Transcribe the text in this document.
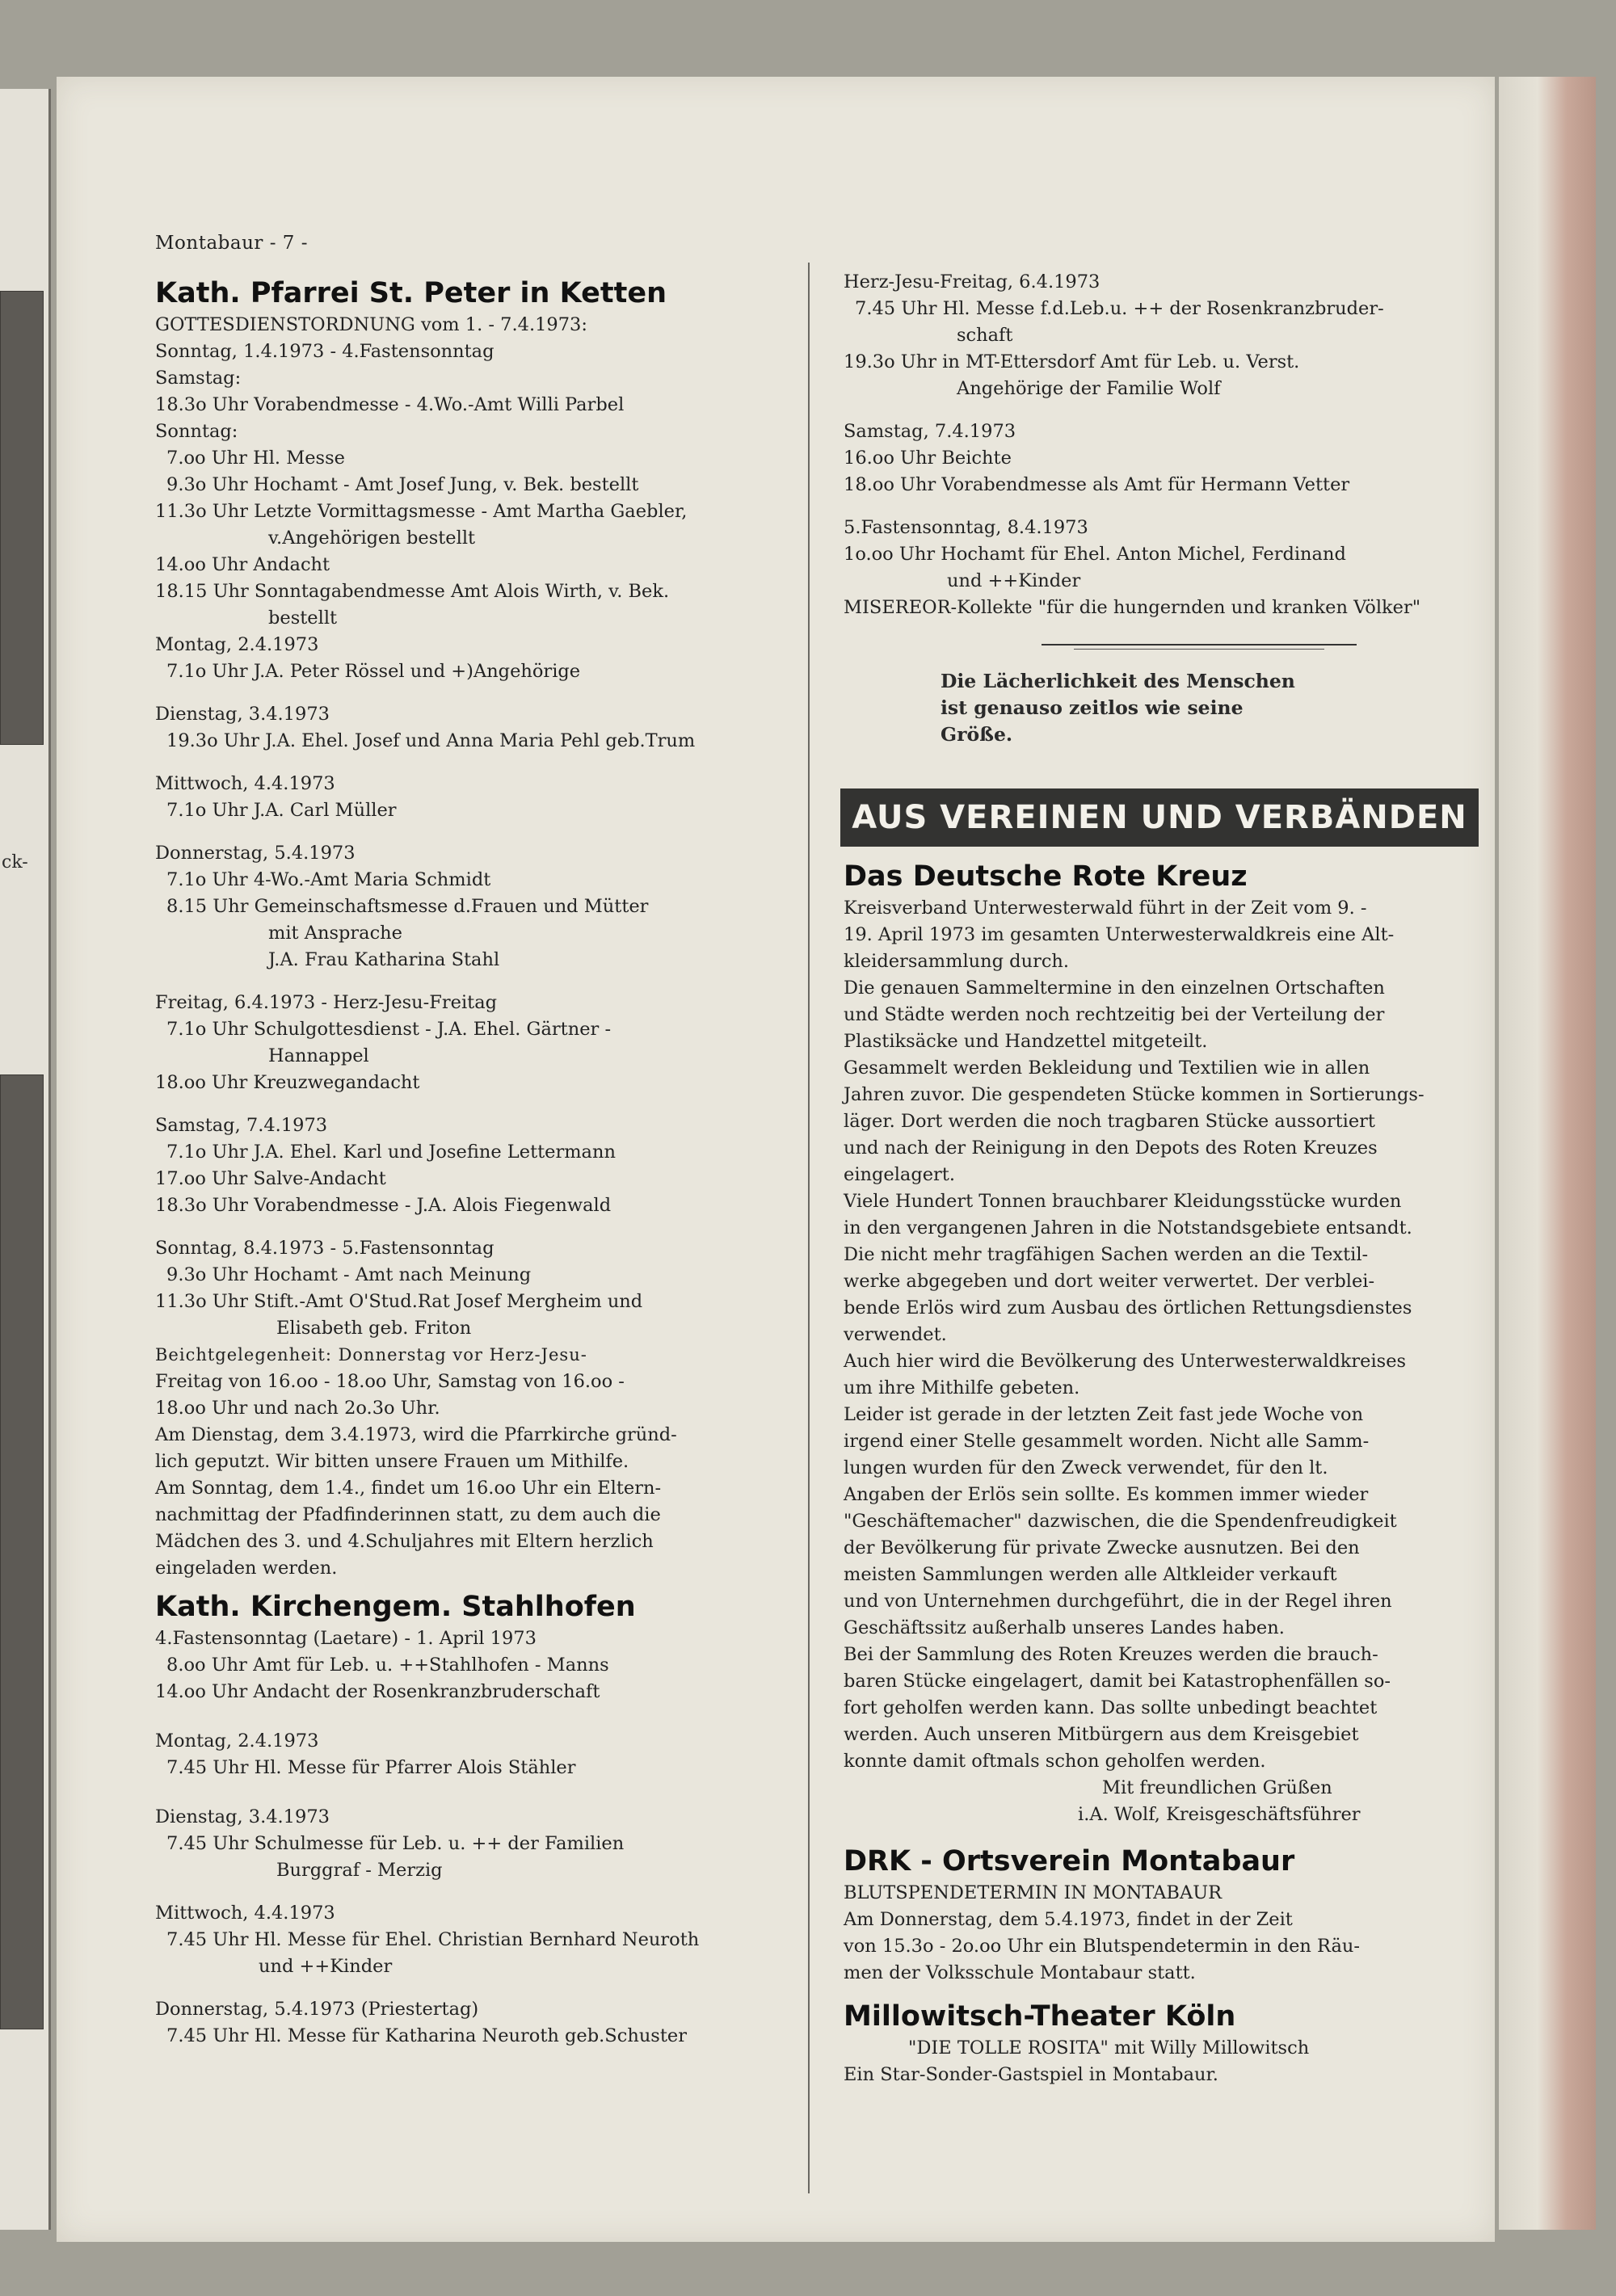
ck-
Montabaur - 7 -
Kath. Pfarrei St. Peter in Ketten
GOTTESDIENSTORDNUNG vom 1. - 7.4.1973:
Sonntag, 1.4.1973 - 4.Fastensonntag
Samstag:
18.3o Uhr Vorabendmesse - 4.Wo.-Amt Willi Parbel
Sonntag:
7.oo Uhr Hl. Messe
9.3o Uhr Hochamt - Amt Josef Jung, v. Bek. bestellt
11.3o Uhr Letzte Vormittagsmesse - Amt Martha Gaebler,
v.Angehörigen bestellt
14.oo Uhr Andacht
18.15 Uhr Sonntagabendmesse Amt Alois Wirth, v. Bek.
bestellt
Montag, 2.4.1973
7.1o Uhr J.A. Peter Rössel und +)Angehörige
Dienstag, 3.4.1973
19.3o Uhr J.A. Ehel. Josef und Anna Maria Pehl geb.Trum
Mittwoch, 4.4.1973
7.1o Uhr J.A. Carl Müller
Donnerstag, 5.4.1973
7.1o Uhr 4-Wo.-Amt Maria Schmidt
8.15 Uhr Gemeinschaftsmesse d.Frauen und Mütter
mit Ansprache
J.A. Frau Katharina Stahl
Freitag, 6.4.1973 - Herz-Jesu-Freitag
7.1o Uhr Schulgottesdienst - J.A. Ehel. Gärtner -
Hannappel
18.oo Uhr Kreuzwegandacht
Samstag, 7.4.1973
7.1o Uhr J.A. Ehel. Karl und Josefine Lettermann
17.oo Uhr Salve-Andacht
18.3o Uhr Vorabendmesse - J.A. Alois Fiegenwald
Sonntag, 8.4.1973 - 5.Fastensonntag
9.3o Uhr Hochamt - Amt nach Meinung
11.3o Uhr Stift.-Amt O'Stud.Rat Josef Mergheim und
Elisabeth geb. Friton
Beichtgelegenheit: Donnerstag vor Herz-Jesu-
Freitag von 16.oo - 18.oo Uhr, Samstag von 16.oo -
18.oo Uhr und nach 2o.3o Uhr.
Am Dienstag, dem 3.4.1973, wird die Pfarrkirche gründ-
lich geputzt. Wir bitten unsere Frauen um Mithilfe.
Am Sonntag, dem 1.4., findet um 16.oo Uhr ein Eltern-
nachmittag der Pfadfinderinnen statt, zu dem auch die
Mädchen des 3. und 4.Schuljahres mit Eltern herzlich
eingeladen werden.
Kath. Kirchengem. Stahlhofen
4.Fastensonntag (Laetare) - 1. April 1973
8.oo Uhr Amt für Leb. u. ++Stahlhofen - Manns
14.oo Uhr Andacht der Rosenkranzbruderschaft
Montag, 2.4.1973
7.45 Uhr Hl. Messe für Pfarrer Alois Stähler
Dienstag, 3.4.1973
7.45 Uhr Schulmesse für Leb. u. ++ der Familien
Burggraf - Merzig
Mittwoch, 4.4.1973
7.45 Uhr Hl. Messe für Ehel. Christian Bernhard Neuroth
und ++Kinder
Donnerstag, 5.4.1973 (Priestertag)
7.45 Uhr Hl. Messe für Katharina Neuroth geb.Schuster
Herz-Jesu-Freitag, 6.4.1973
7.45 Uhr Hl. Messe f.d.Leb.u. ++ der Rosenkranzbruder-
schaft
19.3o Uhr in MT-Ettersdorf Amt für Leb. u. Verst.
Angehörige der Familie Wolf
Samstag, 7.4.1973
16.oo Uhr Beichte
18.oo Uhr Vorabendmesse als Amt für Hermann Vetter
5.Fastensonntag, 8.4.1973
1o.oo Uhr Hochamt für Ehel. Anton Michel, Ferdinand
und ++Kinder
MISEREOR-Kollekte "für die hungernden und kranken Völker"
Die Lächerlichkeit des Menschen
ist genauso zeitlos wie seine
Größe.
AUS VEREINEN UND VERBÄNDEN
Das Deutsche Rote Kreuz
Kreisverband Unterwesterwald führt in der Zeit vom 9. -
19. April 1973 im gesamten Unterwesterwaldkreis eine Alt-
kleidersammlung durch.
Die genauen Sammeltermine in den einzelnen Ortschaften
und Städte werden noch rechtzeitig bei der Verteilung der
Plastiksäcke und Handzettel mitgeteilt.
Gesammelt werden Bekleidung und Textilien wie in allen
Jahren zuvor. Die gespendeten Stücke kommen in Sortierungs-
läger. Dort werden die noch tragbaren Stücke aussortiert
und nach der Reinigung in den Depots des Roten Kreuzes
eingelagert.
Viele Hundert Tonnen brauchbarer Kleidungsstücke wurden
in den vergangenen Jahren in die Notstandsgebiete entsandt.
Die nicht mehr tragfähigen Sachen werden an die Textil-
werke abgegeben und dort weiter verwertet. Der verblei-
bende Erlös wird zum Ausbau des örtlichen Rettungsdienstes
verwendet.
Auch hier wird die Bevölkerung des Unterwesterwaldkreises
um ihre Mithilfe gebeten.
Leider ist gerade in der letzten Zeit fast jede Woche von
irgend einer Stelle gesammelt worden. Nicht alle Samm-
lungen wurden für den Zweck verwendet, für den lt.
Angaben der Erlös sein sollte. Es kommen immer wieder
"Geschäftemacher" dazwischen, die die Spendenfreudigkeit
der Bevölkerung für private Zwecke ausnutzen. Bei den
meisten Sammlungen werden alle Altkleider verkauft
und von Unternehmen durchgeführt, die in der Regel ihren
Geschäftssitz außerhalb unseres Landes haben.
Bei der Sammlung des Roten Kreuzes werden die brauch-
baren Stücke eingelagert, damit bei Katastrophenfällen so-
fort geholfen werden kann. Das sollte unbedingt beachtet
werden. Auch unseren Mitbürgern aus dem Kreisgebiet
konnte damit oftmals schon geholfen werden.
Mit freundlichen Grüßen
i.A. Wolf, Kreisgeschäftsführer
DRK - Ortsverein Montabaur
BLUTSPENDETERMIN IN MONTABAUR
Am Donnerstag, dem 5.4.1973, findet in der Zeit
von 15.3o - 2o.oo Uhr ein Blutspendetermin in den Räu-
men der Volksschule Montabaur statt.
Millowitsch-Theater Köln
"DIE TOLLE ROSITA" mit Willy Millowitsch
Ein Star-Sonder-Gastspiel in Montabaur.
